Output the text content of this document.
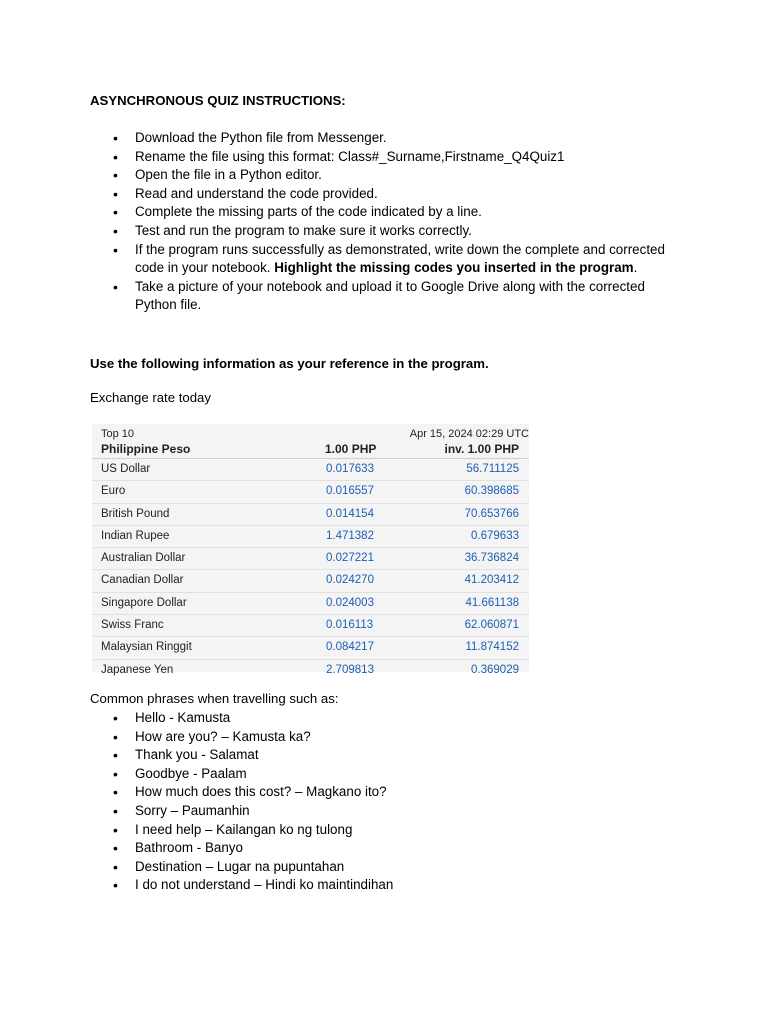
ASYNCHRONOUS QUIZ INSTRUCTIONS:
• Download the Python file from Messenger.
• Rename the file using this format: Class#_Surname,Firstname_Q4Quiz1
• Open the file in a Python editor.
• Read and understand the code provided.
• Complete the missing parts of the code indicated by a line.
• Test and run the program to make sure it works correctly.
• If the program runs successfully as demonstrated, write down the complete and corrected code in your notebook. Highlight the missing codes you inserted in the program.
• Take a picture of your notebook and upload it to Google Drive along with the corrected Python file.
Use the following information as your reference in the program.
Exchange rate today
Top 10	Apr 15, 2024 02:29 UTC
Philippine Peso	1.00 PHP	inv. 1.00 PHP
US Dollar	0.017633	56.711125
Euro	0.016557	60.398685
British Pound	0.014154	70.653766
Indian Rupee	1.471382	0.679633
Australian Dollar	0.027221	36.736824
Canadian Dollar	0.024270	41.203412
Singapore Dollar	0.024003	41.661138
Swiss Franc	0.016113	62.060871
Malaysian Ringgit	0.084217	11.874152
Japanese Yen	2.709813	0.369029
Common phrases when travelling such as:
• Hello - Kamusta
• How are you? – Kamusta ka?
• Thank you - Salamat
• Goodbye - Paalam
• How much does this cost? – Magkano ito?
• Sorry – Paumanhin
• I need help – Kailangan ko ng tulong
• Bathroom - Banyo
• Destination – Lugar na pupuntahan
• I do not understand – Hindi ko maintindihan
